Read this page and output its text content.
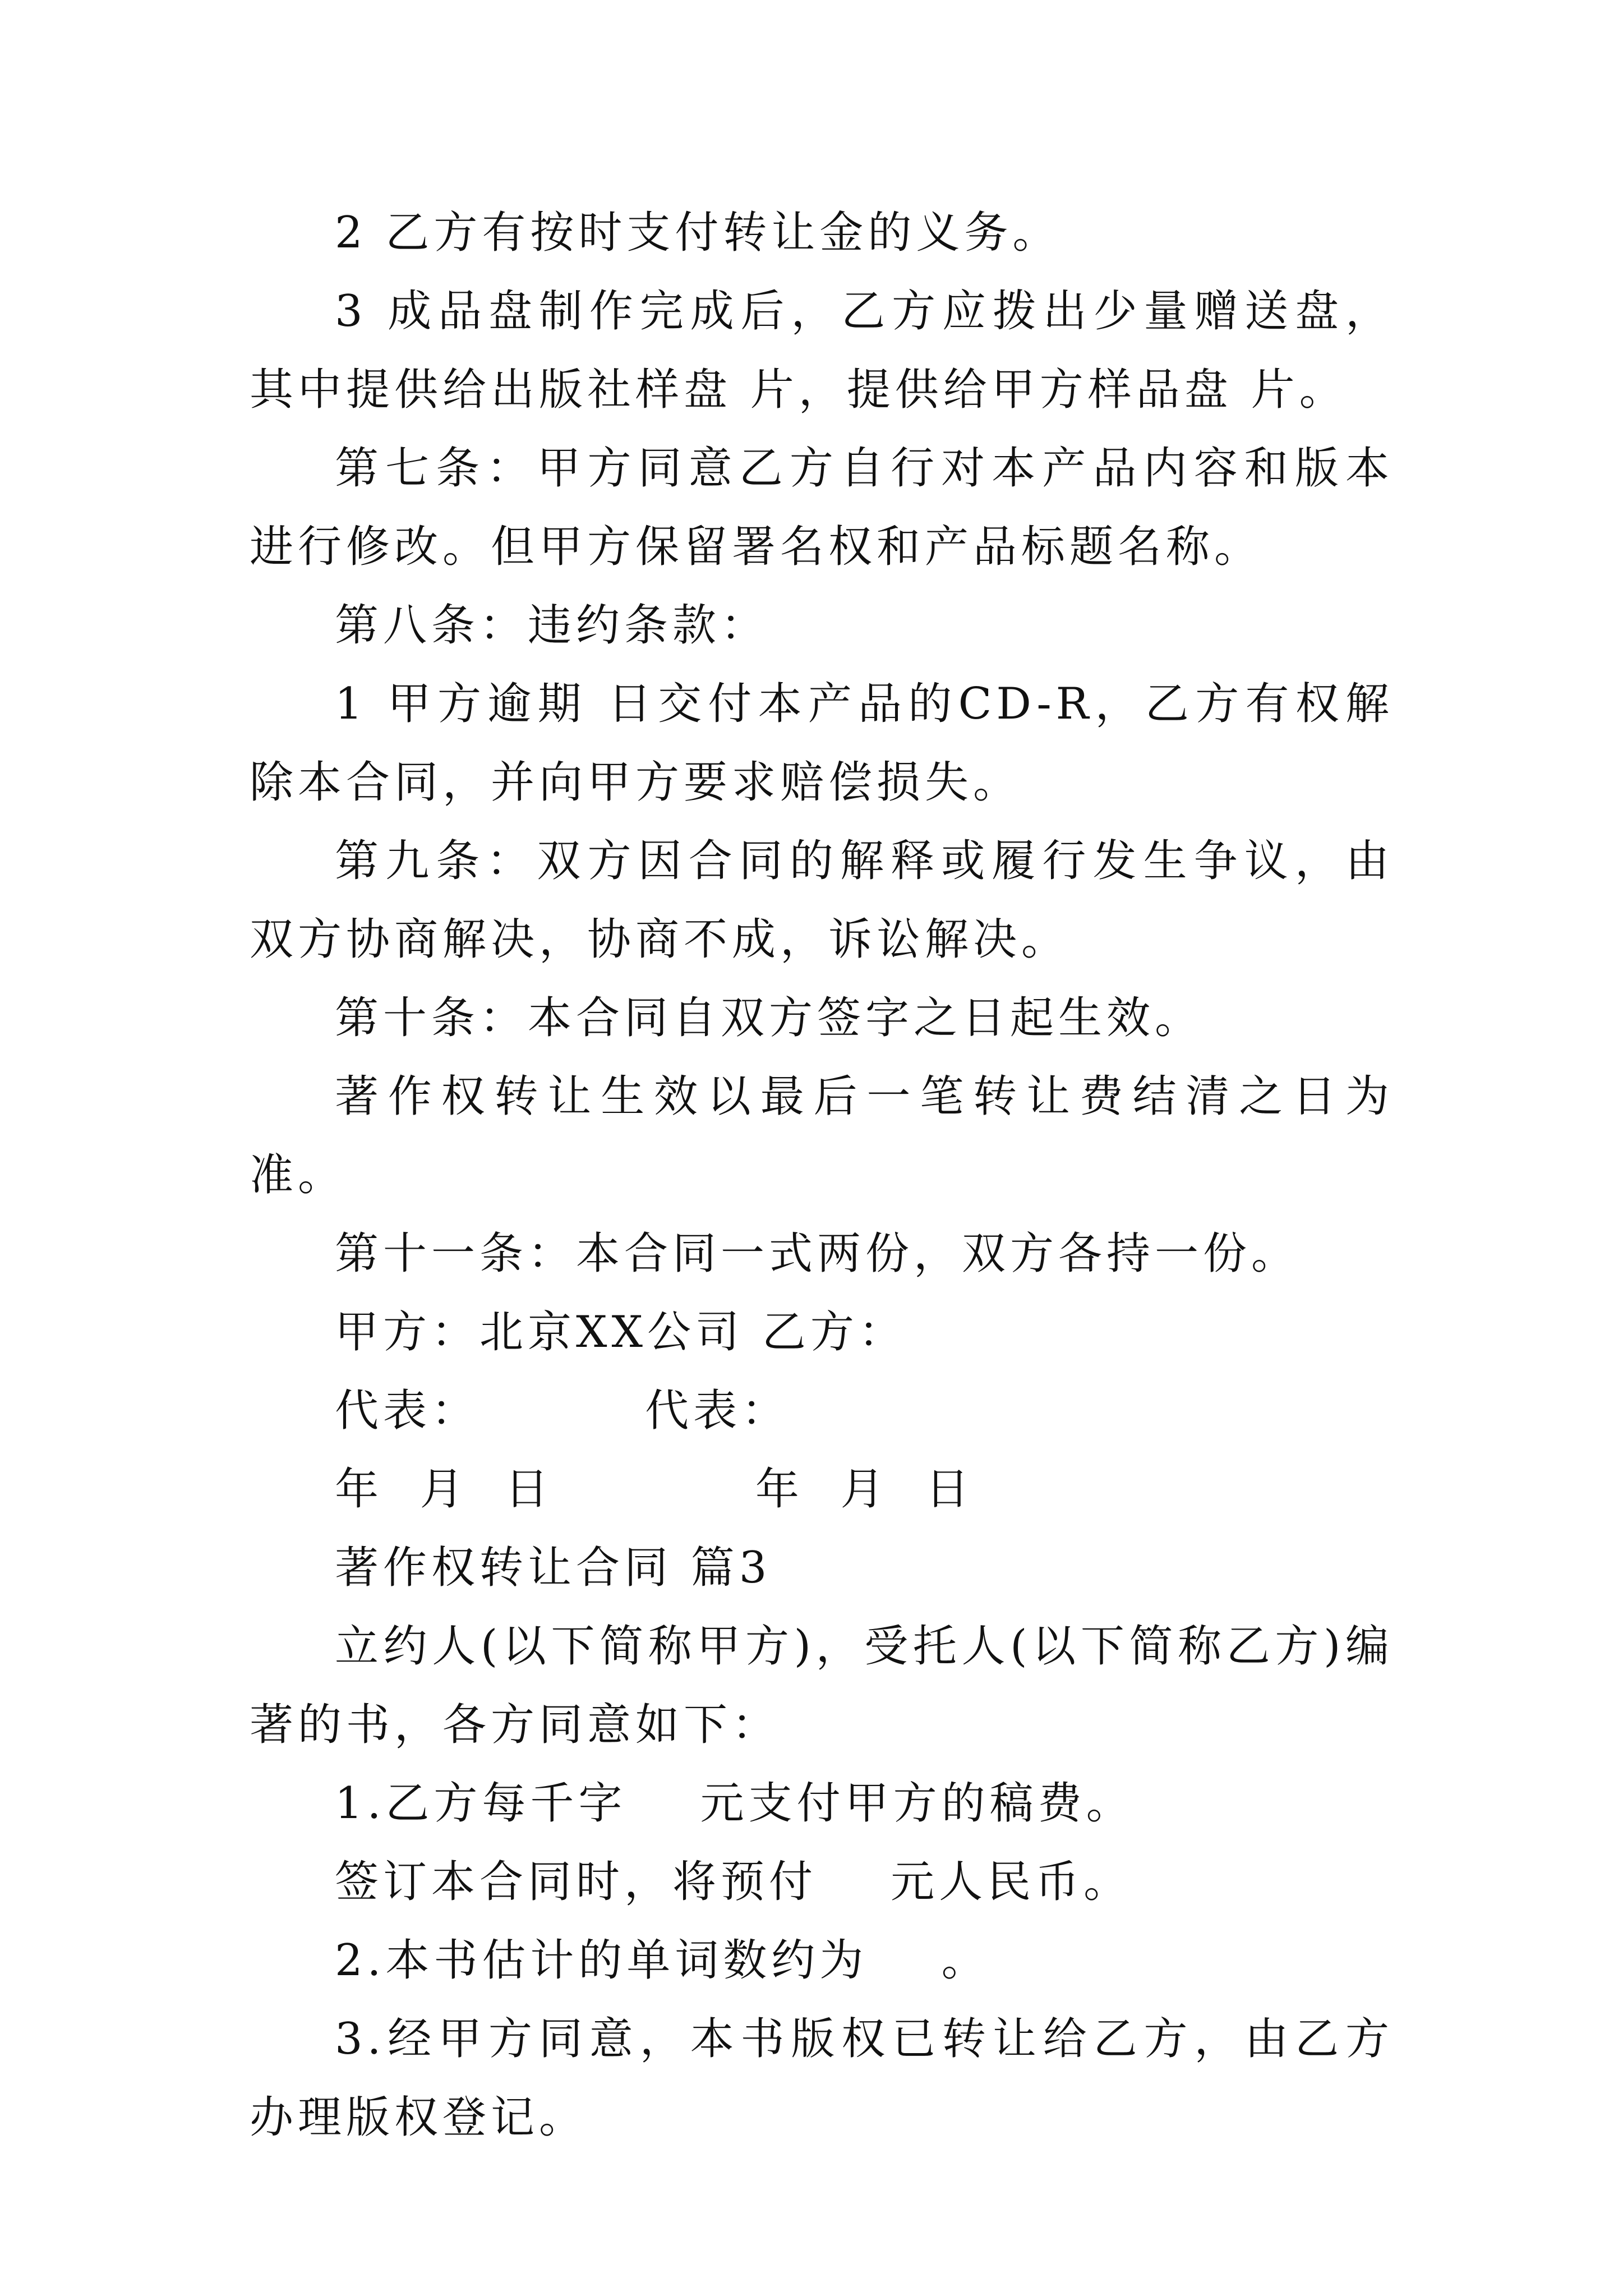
2 乙方有按时支付转让金的义务。

3 成品盘制作完成后，乙方应拨出少量赠送盘，其中提供给出版社样盘 片，提供给甲方样品盘 片。

第七条：甲方同意乙方自行对本产品内容和版本进行修改。但甲方保留署名权和产品标题名称。

第八条：违约条款：

1 甲方逾期 日交付本产品的CD-R，乙方有权解除本合同，并向甲方要求赔偿损失。

第九条：双方因合同的解释或履行发生争议，由双方协商解决，协商不成，诉讼解决。

第十条：本合同自双方签字之日起生效。

著作权转让生效以最后一笔转让费结清之日为准。

第十一条：本合同一式两份，双方各持一份。

甲方：北京XX公司 乙方：

代表：         代表：

年  月  日           年  月  日

著作权转让合同 篇3

立约人(以下简称甲方)，受托人(以下简称乙方)编著的书，各方同意如下：

1.乙方每千字    元支付甲方的稿费。

签订本合同时，将预付    元人民币。

2.本书估计的单词数约为    。

3.经甲方同意，本书版权已转让给乙方，由乙方办理版权登记。
